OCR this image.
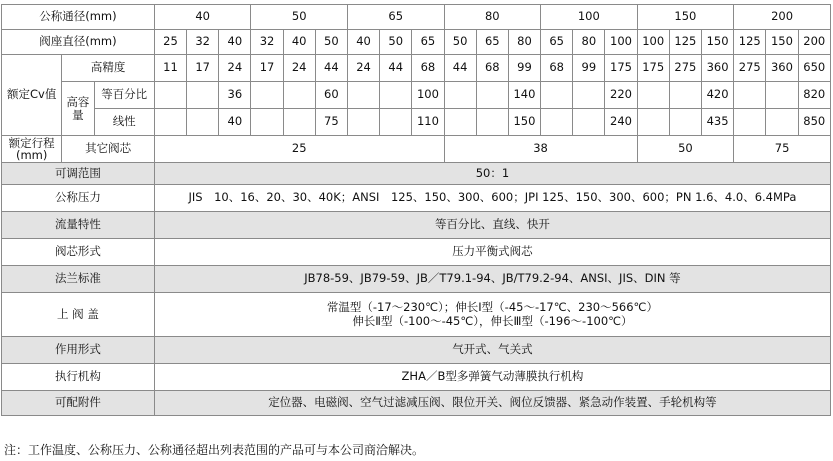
公称通径(mm)			40			50			65			80			100			150			200		
阀座直径(mm)			25	32	40	32	40	50	40	50	65	50	65	80	65	80	100	100	125	150	125	150	200
额定Cv值	高精度		11	17	24	17	24	44	24	44	68	44	68	99	68	99	175	175	275	360	275	360	650
	高容量	等百分比			36			60			100			140			220			420			820
		线性			40			75			110			150			240			435			850
额定行程(mm)	其它阀芯		25									38						50			75		
可调范围			50：1																				
公称压力			JIS　10、16、20、30、40K；ANSI　125、150、300、600；JPI 125、150、300、600；PN 1.6、4.0、6.4MPa																				
流量特性			等百分比、直线、快开																				
阀芯形式			压力平衡式阀芯																				
法兰标准			JB78-59、JB79-59、JB／T79.1-94、JB/T79.2-94、ANSI、JIS、DIN 等																				
上 阀 盖			常温型（-17～230℃）；伸长Ⅰ型（-45～-17℃、230～566℃）
伸长Ⅱ型（-100～-45℃），伸长Ⅲ型（-196～-100℃）																				

作用形式			气开式、气关式																				
执行机构			ZHA／B型多弹簧气动薄膜执行机构																				
可配附件			定位器、电磁阀、空气过滤减压阀、限位开关、阀位反馈器、紧急动作装置、手轮机构等																				
注：工作温度、公称压力、公称通径超出列表范围的产品可与本公司商洽解决。
